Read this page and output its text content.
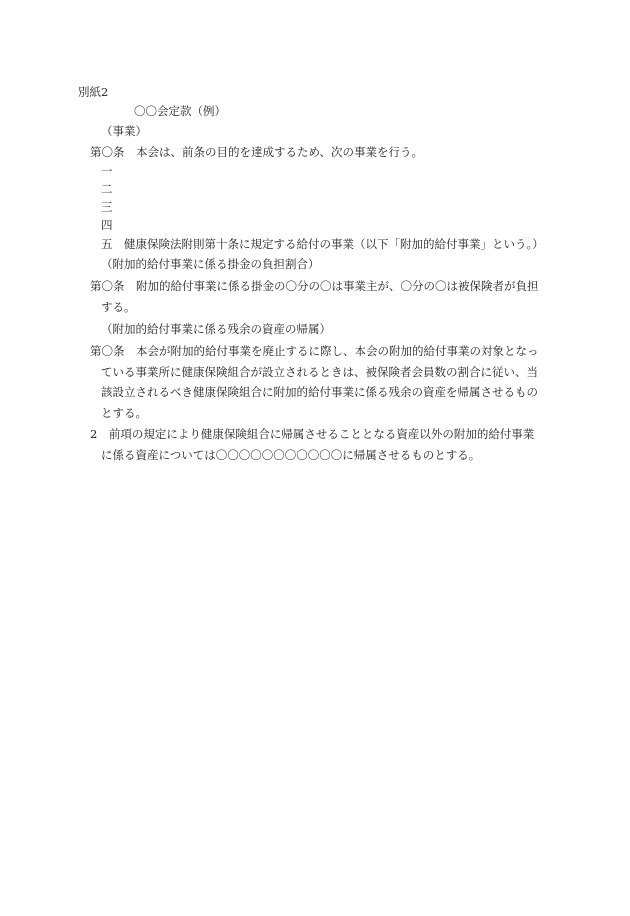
別紙2
〇〇会定款（例）
（事業）
第〇条　本会は、前条の目的を達成するため、次の事業を行う。
一
二
三
四
五　健康保険法附則第十条に規定する給付の事業（以下「附加的給付事業」という。）
（附加的給付事業に係る掛金の負担割合）
第〇条　附加的給付事業に係る掛金の〇分の〇は事業主が、〇分の〇は被保険者が負担
する。
（附加的給付事業に係る残余の資産の帰属）
第〇条　本会が附加的給付事業を廃止するに際し、本会の附加的給付事業の対象となっ
ている事業所に健康保険組合が設立されるときは、被保険者会員数の割合に従い、当
該設立されるべき健康保険組合に附加的給付事業に係る残余の資産を帰属させるもの
とする。
2　前項の規定により健康保険組合に帰属させることとなる資産以外の附加的給付事業
に係る資産については〇〇〇〇〇〇〇〇〇〇〇に帰属させるものとする。
